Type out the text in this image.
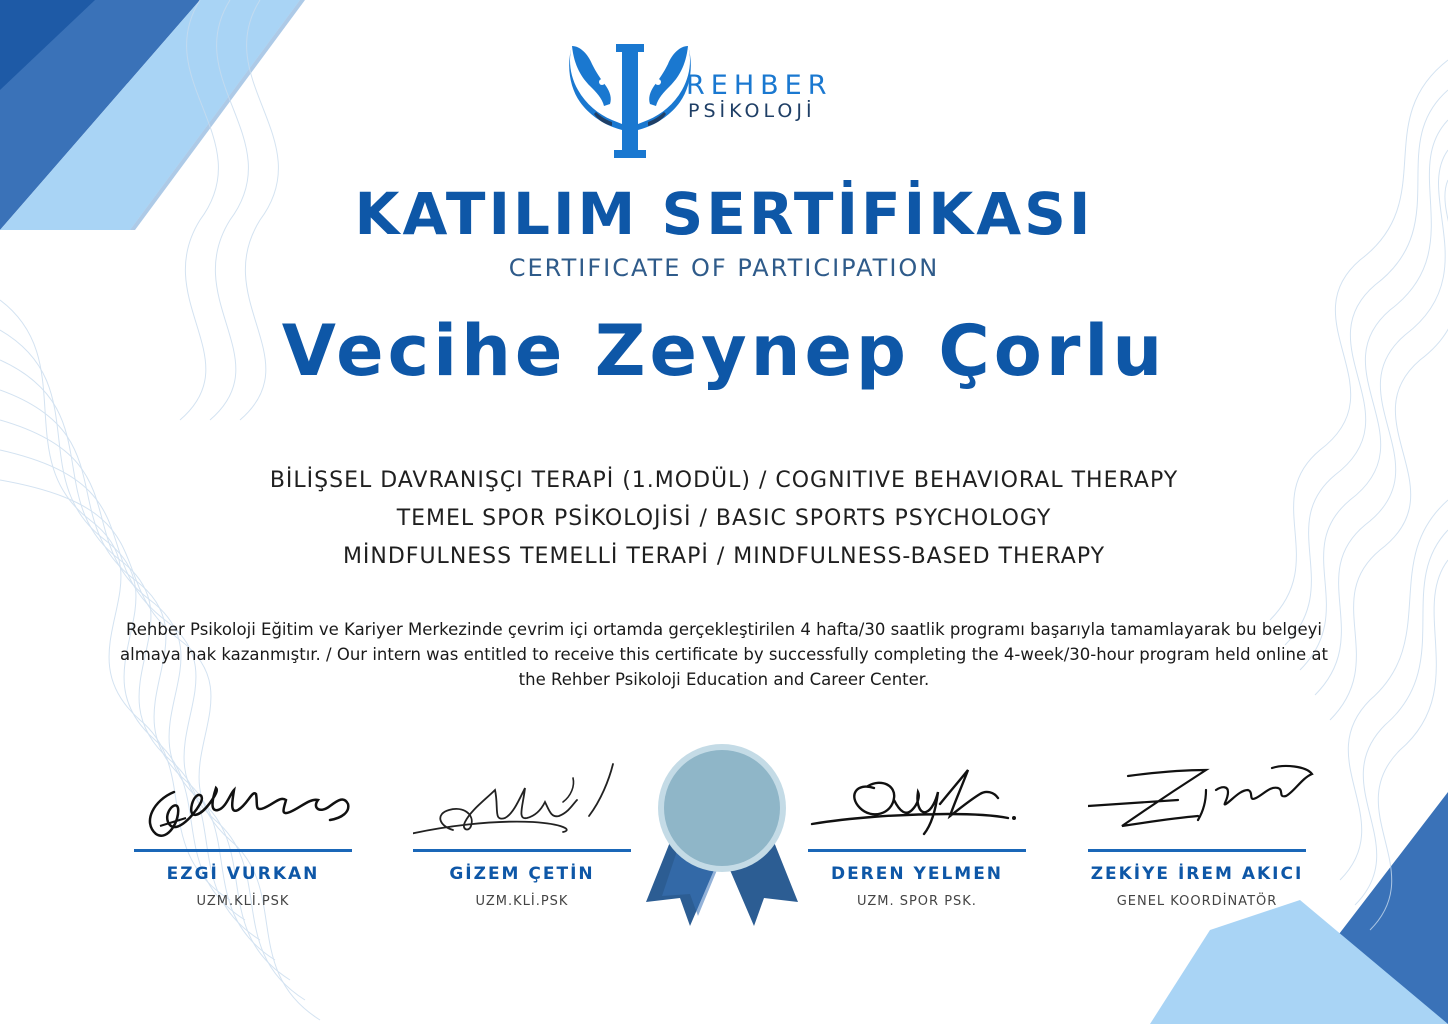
REHBER
PSİKOLOJİ
KATILIM SERTİFİKASI
CERTIFICATE OF PARTICIPATION
Vecihe Zeynep Çorlu
BİLİŞSEL DAVRANIŞÇI TERAPİ (1.MODÜL) / COGNITIVE BEHAVIORAL THERAPY
TEMEL SPOR PSİKOLOJİSİ / BASIC SPORTS PSYCHOLOGY
MİNDFULNESS TEMELLİ TERAPİ / MINDFULNESS-BASED THERAPY
Rehber Psikoloji Eğitim ve Kariyer Merkezinde çevrim içi ortamda gerçekleştirilen 4 hafta/30 saatlik programı başarıyla tamamlayarak bu belgeyi almaya hak kazanmıştır. / Our intern was entitled to receive this certificate by successfully completing the 4-week/30-hour program held online at the Rehber Psikoloji Education and Career Center.
EZGİ VURKAN
UZM.KLİ.PSK
GİZEM ÇETİN
UZM.KLİ.PSK
DEREN YELMEN
UZM. SPOR PSK.
ZEKİYE İREM AKICI
GENEL KOORDİNATÖR
